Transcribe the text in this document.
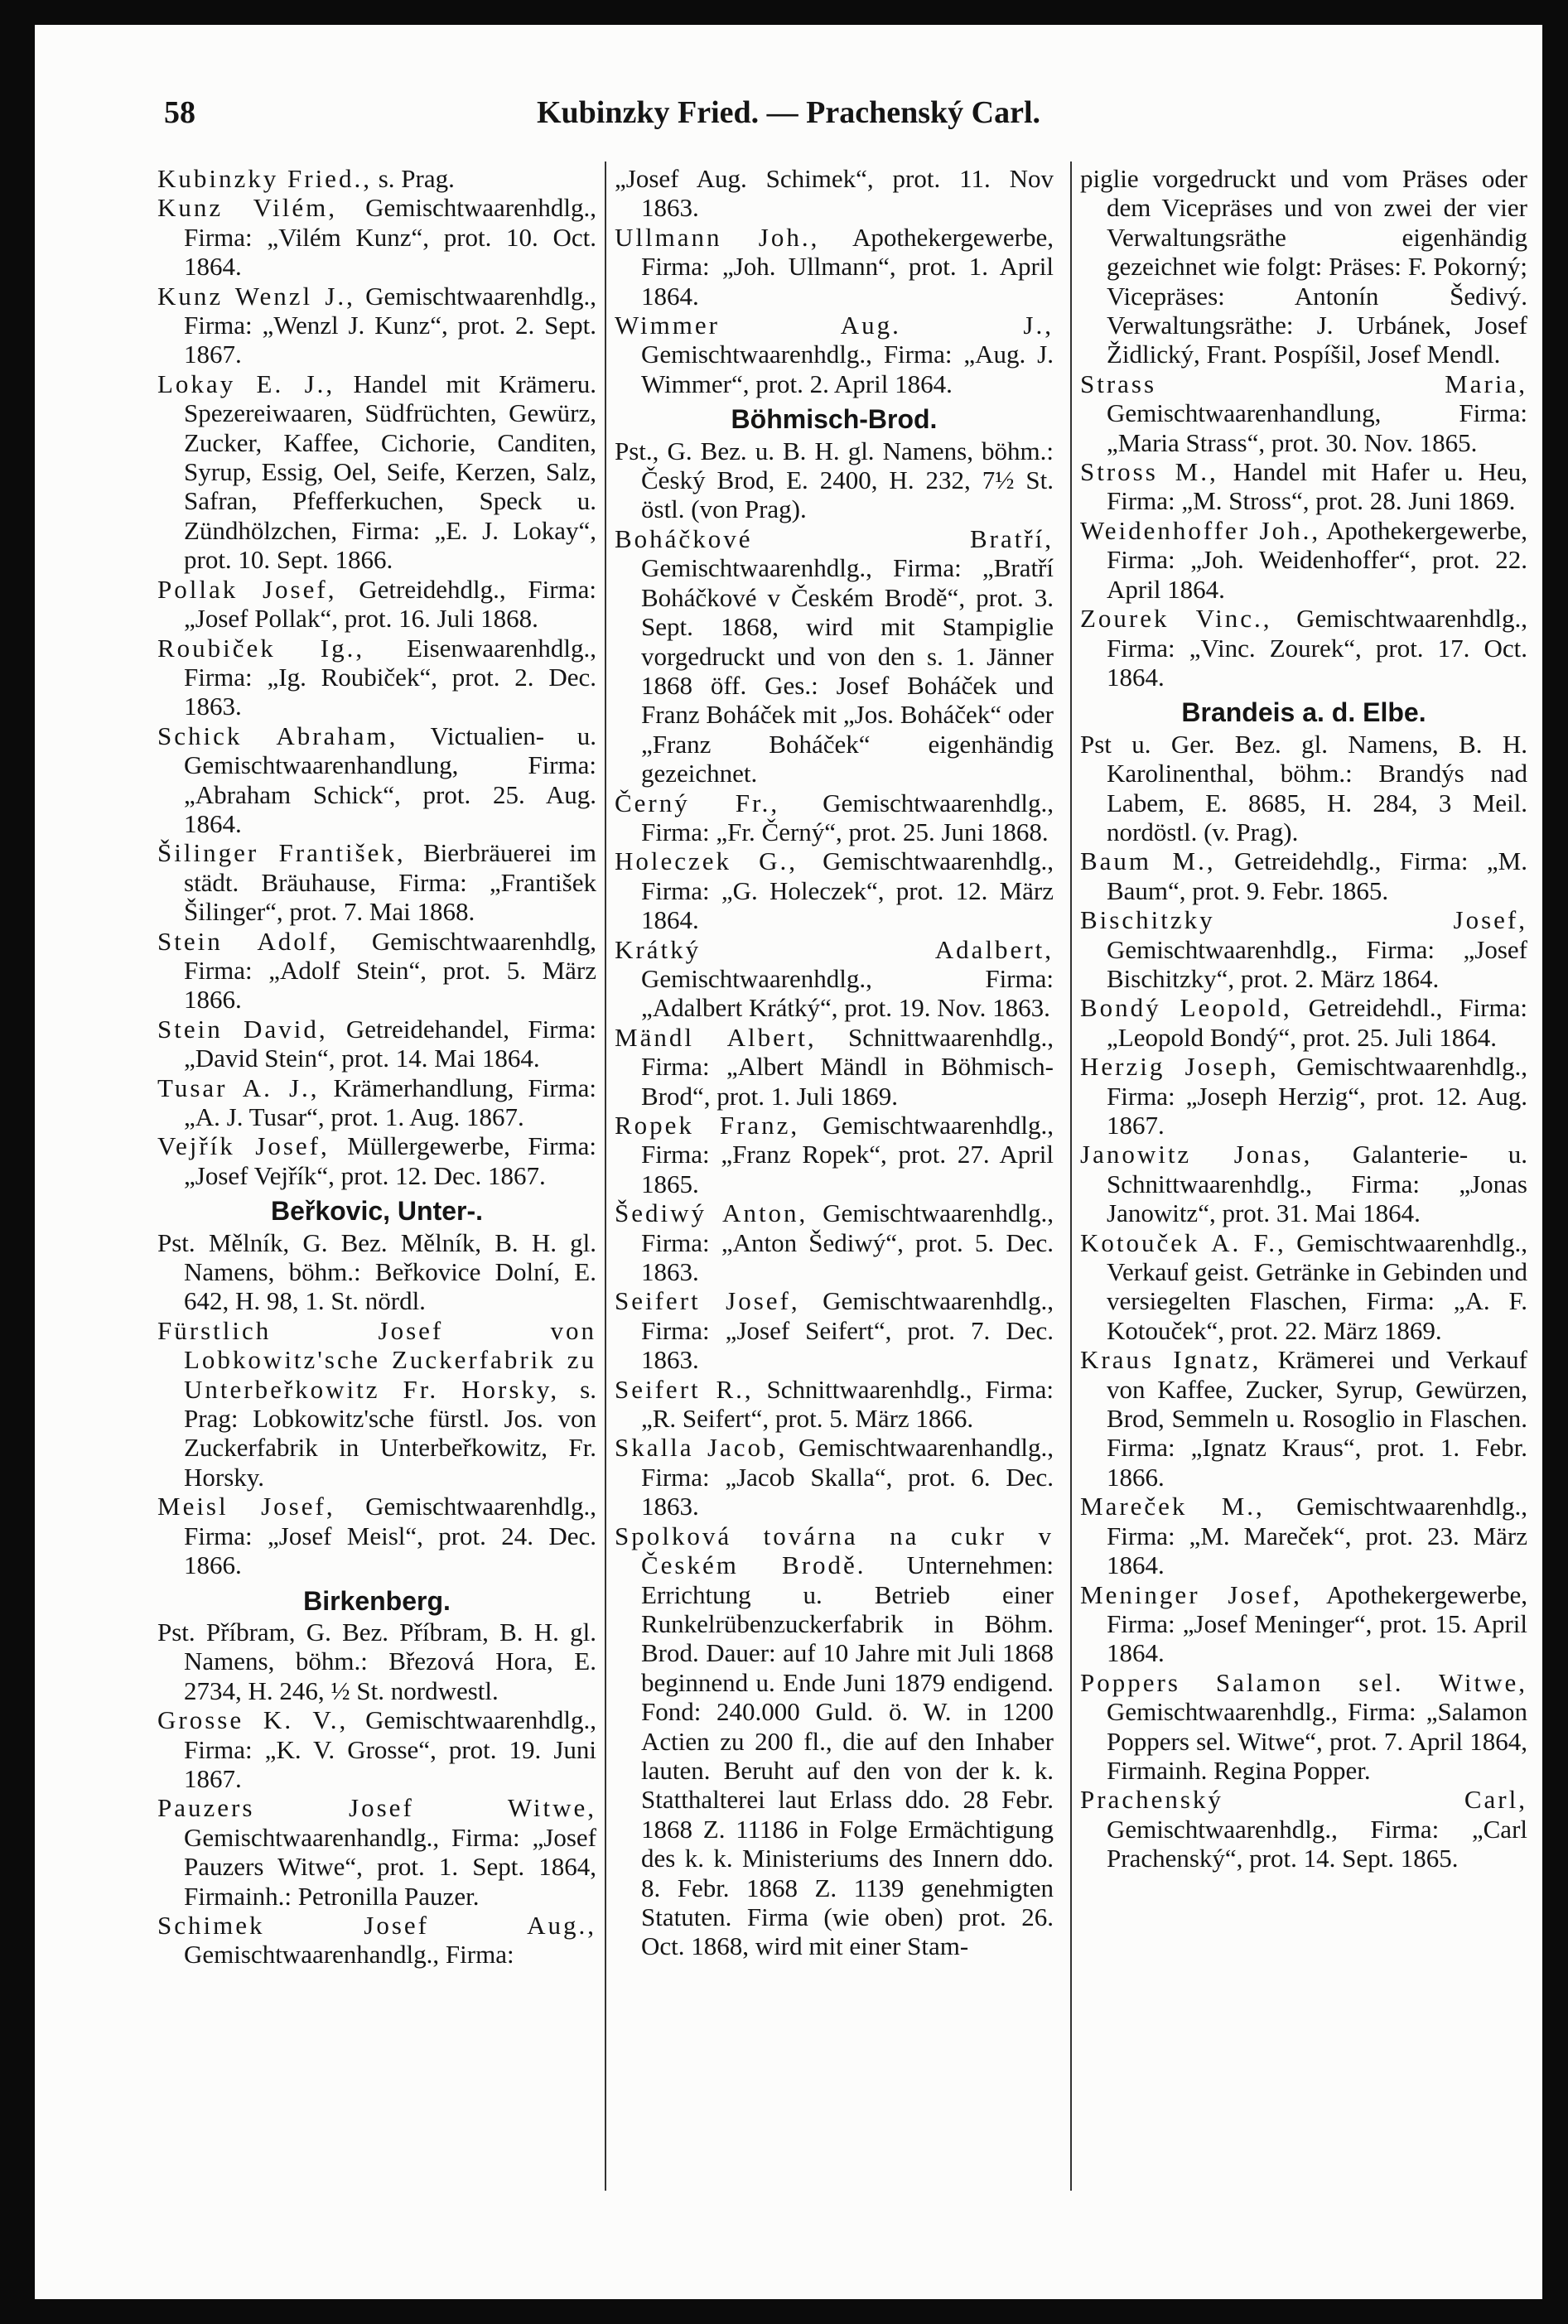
58	Kubinzky Fried. — Prachenský Carl.

Kubinzky Fried., s. Prag.

Kunz Vilém, Gemischtwaarenhdlg., Firma: „Vilém Kunz“, prot. 10. Oct. 1864.

Kunz Wenzl J., Gemischtwaarenhdlg., Firma: „Wenzl J. Kunz“, prot. 2. Sept. 1867.

Lokay E. J., Handel mit Krämeru. Spezereiwaaren, Südfrüchten, Gewürz, Zucker, Kaffee, Cichorie, Canditen, Syrup, Essig, Oel, Seife, Kerzen, Salz, Safran, Pfefferkuchen, Speck u. Zündhölzchen, Firma: „E. J. Lokay“, prot. 10. Sept. 1866.

Pollak Josef, Getreidehdlg., Firma: „Josef Pollak“, prot. 16. Juli 1868.

Roubiček Ig., Eisenwaarenhdlg., Firma: „Ig. Roubiček“, prot. 2. Dec. 1863.

Schick Abraham, Victualien- u. Gemischtwaarenhandlung, Firma: „Abraham Schick“, prot. 25. Aug. 1864.

Šilinger František, Bierbräuerei im städt. Bräuhause, Firma: „František Šilinger“, prot. 7. Mai 1868.

Stein Adolf, Gemischtwaarenhdlg, Firma: „Adolf Stein“, prot. 5. März 1866.

Stein David, Getreidehandel, Firma: „David Stein“, prot. 14. Mai 1864.

Tusar A. J., Krämerhandlung, Firma: „A. J. Tusar“, prot. 1. Aug. 1867.

Vejřík Josef, Müllergewerbe, Firma: „Josef Vejřík“, prot. 12. Dec. 1867.

Beřkovic, Unter-.

Pst. Mělník, G. Bez. Mělník, B. H. gl. Namens, böhm.: Beřkovice Dolní, E. 642, H. 98, 1. St. nördl.

Fürstlich Josef von Lobkowitz'sche Zuckerfabrik zu Unterbeřkowitz Fr. Horsky, s. Prag: Lobkowitz'sche fürstl. Jos. von Zuckerfabrik in Unterbeřkowitz, Fr. Horsky.

Meisl Josef, Gemischtwaarenhdlg., Firma: „Josef Meisl“, prot. 24. Dec. 1866.

Birkenberg.

Pst. Příbram, G. Bez. Příbram, B. H. gl. Namens, böhm.: Březová Hora, E. 2734, H. 246, ½ St. nordwestl.

Grosse K. V., Gemischtwaarenhdlg., Firma: „K. V. Grosse“, prot. 19. Juni 1867.

Pauzers Josef Witwe, Gemischtwaarenhandlg., Firma: „Josef Pauzers Witwe“, prot. 1. Sept. 1864, Firmainh.: Petronilla Pauzer.

Schimek Josef Aug., Gemischtwaarenhandlg., Firma:

„Josef Aug. Schimek“, prot. 11. Nov 1863.

Ullmann Joh., Apothekergewerbe, Firma: „Joh. Ullmann“, prot. 1. April 1864.

Wimmer Aug. J., Gemischtwaarenhdlg., Firma: „Aug. J. Wimmer“, prot. 2. April 1864.

Böhmisch-Brod.

Pst., G. Bez. u. B. H. gl. Namens, böhm.: Český Brod, E. 2400, H. 232, 7½ St. östl. (von Prag).

Boháčkové Bratří, Gemischtwaarenhdlg., Firma: „Bratří Boháčkové v Českém Brodě“, prot. 3. Sept. 1868, wird mit Stampiglie vorgedruckt und von den s. 1. Jänner 1868 öff. Ges.: Josef Boháček und Franz Boháček mit „Jos. Boháček“ oder „Franz Boháček“ eigenhändig gezeichnet.

Černý Fr., Gemischtwaarenhdlg., Firma: „Fr. Černý“, prot. 25. Juni 1868.

Holeczek G., Gemischtwaarenhdlg., Firma: „G. Holeczek“, prot. 12. März 1864.

Krátký Adalbert, Gemischtwaarenhdlg., Firma: „Adalbert Krátký“, prot. 19. Nov. 1863.

Mändl Albert, Schnittwaarenhdlg., Firma: „Albert Mändl in Böhmisch-Brod“, prot. 1. Juli 1869.

Ropek Franz, Gemischtwaarenhdlg., Firma: „Franz Ropek“, prot. 27. April 1865.

Šediwý Anton, Gemischtwaarenhdlg., Firma: „Anton Šediwý“, prot. 5. Dec. 1863.

Seifert Josef, Gemischtwaarenhdlg., Firma: „Josef Seifert“, prot. 7. Dec. 1863.

Seifert R., Schnittwaarenhdlg., Firma: „R. Seifert“, prot. 5. März 1866.

Skalla Jacob, Gemischtwaarenhandlg., Firma: „Jacob Skalla“, prot. 6. Dec. 1863.

Spolková továrna na cukr v Českém Brodě. Unternehmen: Errichtung u. Betrieb einer Runkelrübenzuckerfabrik in Böhm. Brod. Dauer: auf 10 Jahre mit Juli 1868 beginnend u. Ende Juni 1879 endigend. Fond: 240.000 Guld. ö. W. in 1200 Actien zu 200 fl., die auf den Inhaber lauten. Beruht auf den von der k. k. Statthalterei laut Erlass ddo. 28 Febr. 1868 Z. 11186 in Folge Ermächtigung des k. k. Ministeriums des Innern ddo. 8. Febr. 1868 Z. 1139 genehmigten Statuten. Firma (wie oben) prot. 26. Oct. 1868, wird mit einer Stam-

piglie vorgedruckt und vom Präses oder dem Vicepräses und von zwei der vier Verwaltungsräthe eigenhändig gezeichnet wie folgt: Präses: F. Pokorný; Vicepräses: Antonín Šedivý. Verwaltungsräthe: J. Urbánek, Josef Židlický, Frant. Pospíšil, Josef Mendl.

Strass Maria, Gemischtwaarenhandlung, Firma: „Maria Strass“, prot. 30. Nov. 1865.

Stross M., Handel mit Hafer u. Heu, Firma: „M. Stross“, prot. 28. Juni 1869.

Weidenhoffer Joh., Apothekergewerbe, Firma: „Joh. Weidenhoffer“, prot. 22. April 1864.

Zourek Vinc., Gemischtwaarenhdlg., Firma: „Vinc. Zourek“, prot. 17. Oct. 1864.

Brandeis a. d. Elbe.

Pst u. Ger. Bez. gl. Namens, B. H. Karolinenthal, böhm.: Brandýs nad Labem, E. 8685, H. 284, 3 Meil. nordöstl. (v. Prag).

Baum M., Getreidehdlg., Firma: „M. Baum“, prot. 9. Febr. 1865.

Bischitzky Josef, Gemischtwaarenhdlg., Firma: „Josef Bischitzky“, prot. 2. März 1864.

Bondý Leopold, Getreidehdl., Firma: „Leopold Bondý“, prot. 25. Juli 1864.

Herzig Joseph, Gemischtwaarenhdlg., Firma: „Joseph Herzig“, prot. 12. Aug. 1867.

Janowitz Jonas, Galanterie- u. Schnittwaarenhdlg., Firma: „Jonas Janowitz“, prot. 31. Mai 1864.

Kotouček A. F., Gemischtwaarenhdlg., Verkauf geist. Getränke in Gebinden und versiegelten Flaschen, Firma: „A. F. Kotouček“, prot. 22. März 1869.

Kraus Ignatz, Krämerei und Verkauf von Kaffee, Zucker, Syrup, Gewürzen, Brod, Semmeln u. Rosoglio in Flaschen. Firma: „Ignatz Kraus“, prot. 1. Febr. 1866.

Mareček M., Gemischtwaarenhdlg., Firma: „M. Mareček“, prot. 23. März 1864.

Meninger Josef, Apothekergewerbe, Firma: „Josef Meninger“, prot. 15. April 1864.

Poppers Salamon sel. Witwe, Gemischtwaarenhdlg., Firma: „Salamon Poppers sel. Witwe“, prot. 7. April 1864, Firmainh. Regina Popper.

Prachenský Carl, Gemischtwaarenhdlg., Firma: „Carl Prachenský“, prot. 14. Sept. 1865.
